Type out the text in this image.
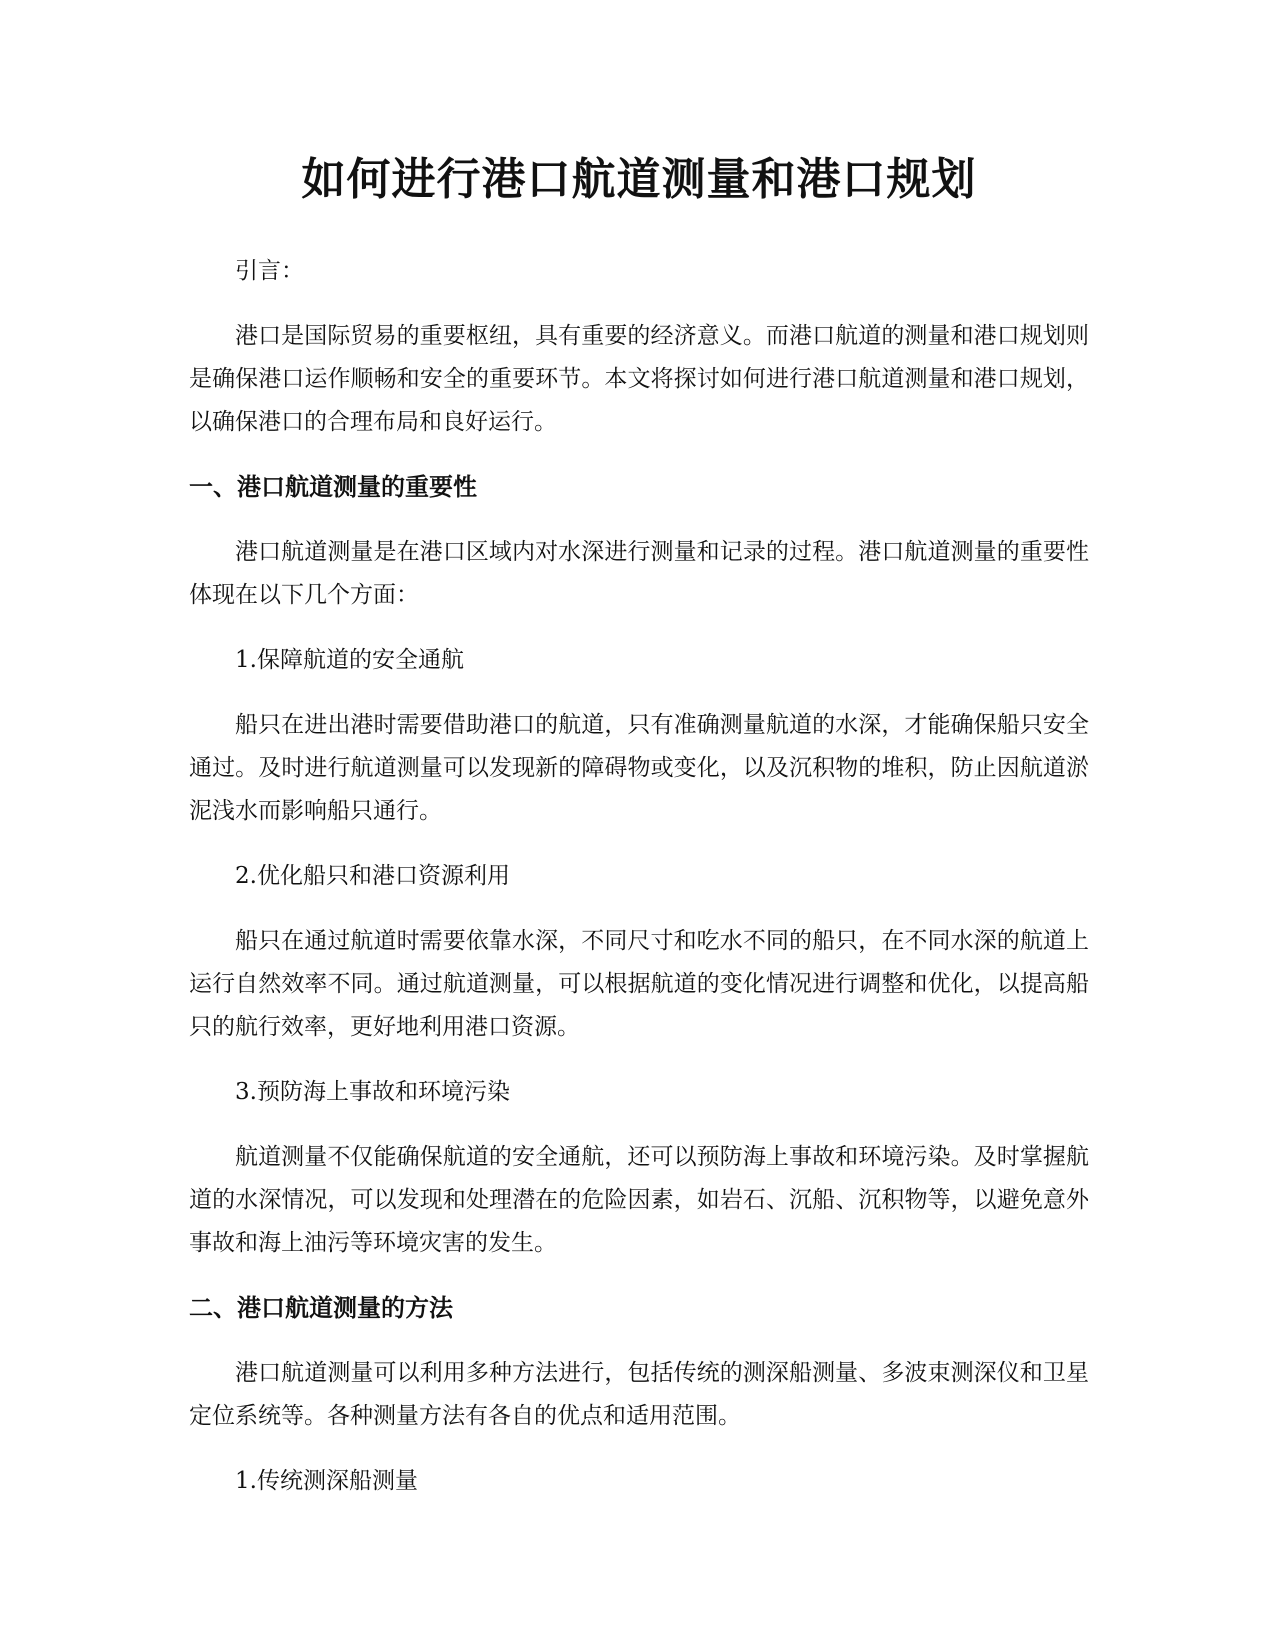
如何进行港口航道测量和港口规划

引言：

港口是国际贸易的重要枢纽，具有重要的经济意义。而港口航道的测量和港口规划则是确保港口运作顺畅和安全的重要环节。本文将探讨如何进行港口航道测量和港口规划，以确保港口的合理布局和良好运行。

一、港口航道测量的重要性

港口航道测量是在港口区域内对水深进行测量和记录的过程。港口航道测量的重要性体现在以下几个方面：

1.保障航道的安全通航

船只在进出港时需要借助港口的航道，只有准确测量航道的水深，才能确保船只安全通过。及时进行航道测量可以发现新的障碍物或变化，以及沉积物的堆积，防止因航道淤泥浅水而影响船只通行。

2.优化船只和港口资源利用

船只在通过航道时需要依靠水深，不同尺寸和吃水不同的船只，在不同水深的航道上运行自然效率不同。通过航道测量，可以根据航道的变化情况进行调整和优化，以提高船只的航行效率，更好地利用港口资源。

3.预防海上事故和环境污染

航道测量不仅能确保航道的安全通航，还可以预防海上事故和环境污染。及时掌握航道的水深情况，可以发现和处理潜在的危险因素，如岩石、沉船、沉积物等，以避免意外事故和海上油污等环境灾害的发生。

二、港口航道测量的方法

港口航道测量可以利用多种方法进行，包括传统的测深船测量、多波束测深仪和卫星定位系统等。各种测量方法有各自的优点和适用范围。

1.传统测深船测量
